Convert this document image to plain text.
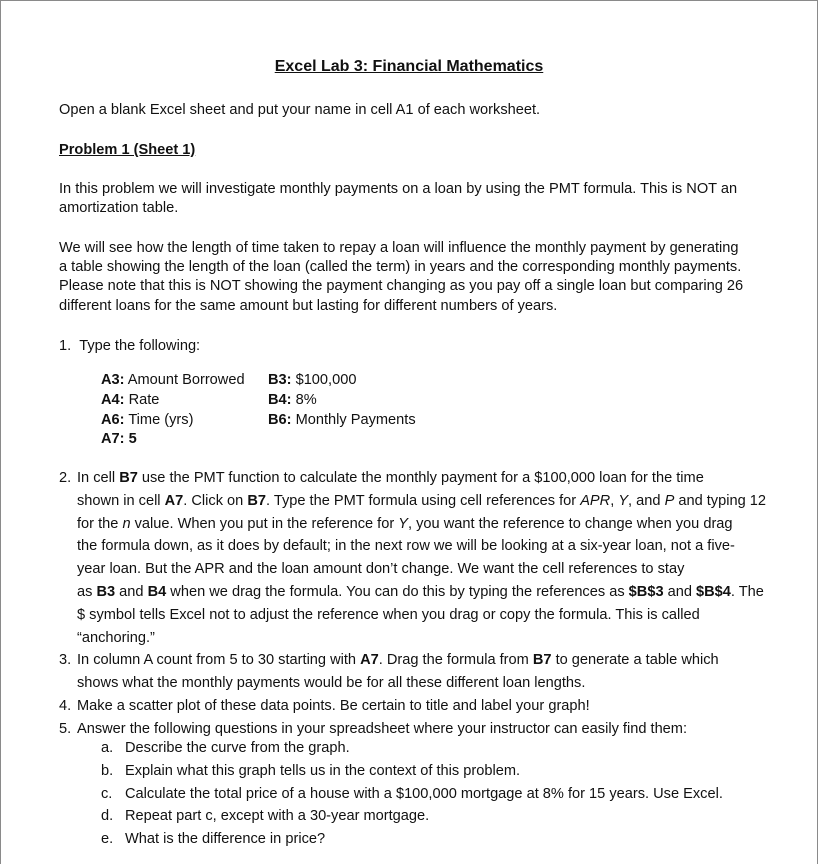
Excel Lab 3: Financial Mathematics

Open a blank Excel sheet and put your name in cell A1 of each worksheet.

Problem 1 (Sheet 1)

In this problem we will investigate monthly payments on a loan by using the PMT formula. This is NOT an
amortization table.
We will see how the length of time taken to repay a loan will influence the monthly payment by generating
a table showing the length of the loan (called the term) in years and the corresponding monthly payments.
Please note that this is NOT showing the payment changing as you pay off a single loan but comparing 26
different loans for the same amount but lasting for different numbers of years.
1. Type the following:
A3: Amount Borrowed	B3: $100,000
A4: Rate	B4: 8%
A6: Time (yrs)	B6: Monthly Payments
A7: 5
2. In cell B7 use the PMT function to calculate the monthly payment for a $100,000 loan for the time
shown in cell A7. Click on B7. Type the PMT formula using cell references for APR, Y, and P and typing 12
for the n value. When you put in the reference for Y, you want the reference to change when you drag
the formula down, as it does by default; in the next row we will be looking at a six-year loan, not a five-
year loan. But the APR and the loan amount don’t change. We want the cell references to stay
as B3 and B4 when we drag the formula. You can do this by typing the references as $B$3 and $B$4. The
$ symbol tells Excel not to adjust the reference when you drag or copy the formula. This is called
“anchoring.”
3. In column A count from 5 to 30 starting with A7. Drag the formula from B7 to generate a table which
shows what the monthly payments would be for all these different loan lengths.
4. Make a scatter plot of these data points. Be certain to title and label your graph!
5. Answer the following questions in your spreadsheet where your instructor can easily find them:
a. Describe the curve from the graph.
b. Explain what this graph tells us in the context of this problem.
c. Calculate the total price of a house with a $100,000 mortgage at 8% for 15 years. Use Excel.
d. Repeat part c, except with a 30-year mortgage.
e. What is the difference in price?
